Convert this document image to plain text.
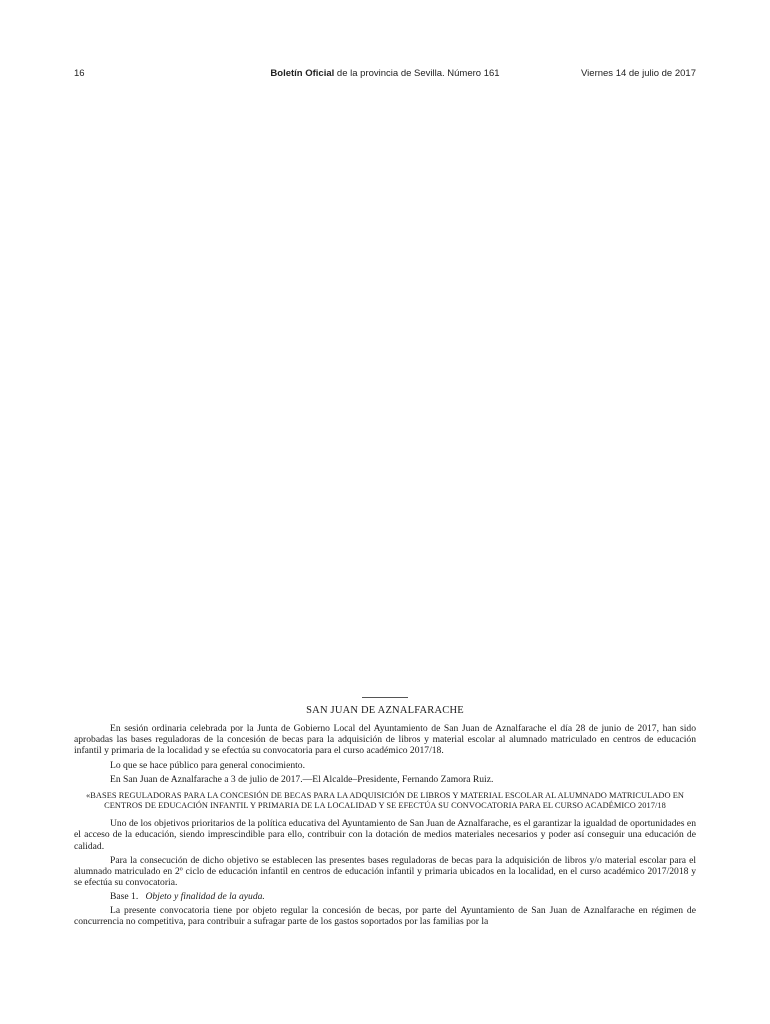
16	Boletín Oficial de la provincia de Sevilla. Número 161	Viernes 14 de julio de 2017
SAN JUAN DE AZNALFARACHE

En sesión ordinaria celebrada por la Junta de Gobierno Local del Ayuntamiento de San Juan de Aznalfarache el día 28 de junio de 2017, han sido aprobadas las bases reguladoras de la concesión de becas para la adquisición de libros y material escolar al alumnado matriculado en centros de educación infantil y primaria de la localidad y se efectúa su convocatoria para el curso académico 2017/18.

Lo que se hace público para general conocimiento.

En San Juan de Aznalfarache a 3 de julio de 2017.—El Alcalde–Presidente, Fernando Zamora Ruiz.

«BASES REGULADORAS PARA LA CONCESIÓN DE BECAS PARA LA ADQUISICIÓN DE LIBROS Y MATERIAL ESCOLAR AL ALUMNADO MATRICULADO EN CENTROS DE EDUCACIÓN INFANTIL Y PRIMARIA DE LA LOCALIDAD Y SE EFECTÚA SU CONVOCATORIA PARA EL CURSO ACADÉMICO 2017/18

Uno de los objetivos prioritarios de la política educativa del Ayuntamiento de San Juan de Aznalfarache, es el garantizar la igualdad de oportunidades en el acceso de la educación, siendo imprescindible para ello, contribuir con la dotación de medios materiales necesarios y poder así conseguir una educación de calidad.

Para la consecución de dicho objetivo se establecen las presentes bases reguladoras de becas para la adquisición de libros y/o material escolar para el alumnado matriculado en 2º ciclo de educación infantil en centros de educación infantil y primaria ubicados en la localidad, en el curso académico 2017/2018 y se efectúa su convocatoria.

Base 1. Objeto y finalidad de la ayuda.

La presente convocatoria tiene por objeto regular la concesión de becas, por parte del Ayuntamiento de San Juan de Aznalfarache en régimen de concurrencia no competitiva, para contribuir a sufragar parte de los gastos soportados por las familias por la
